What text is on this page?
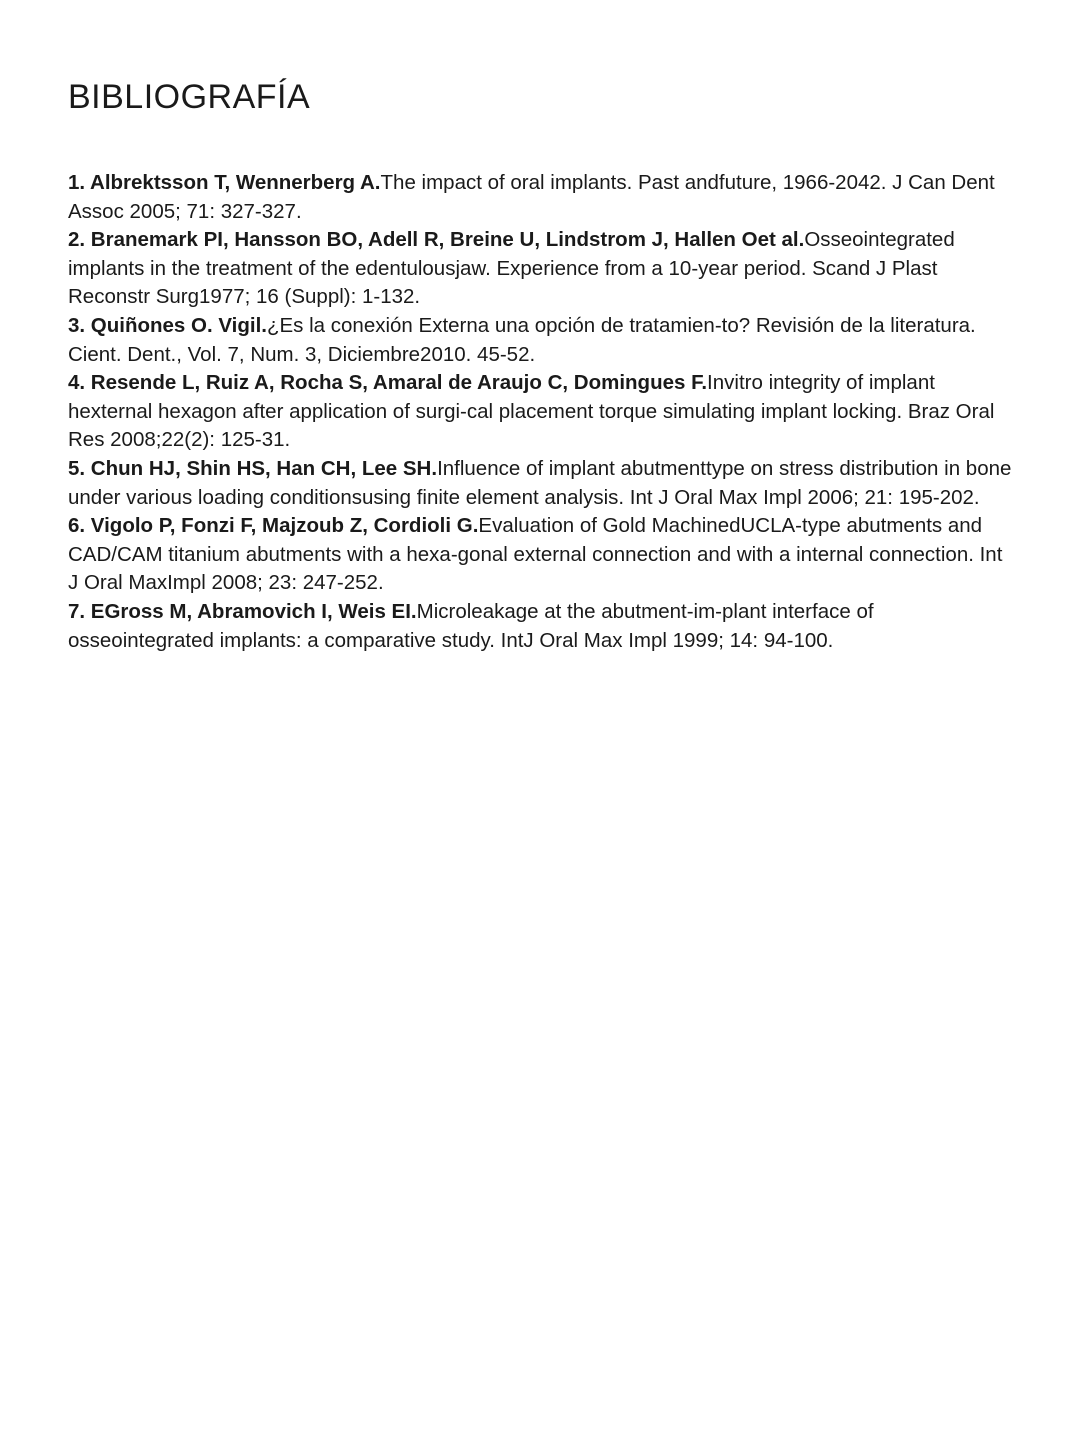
BIBLIOGRAFÍA

1. Albrektsson T, Wennerberg A.The impact of oral implants. Past andfuture, 1966-2042. J Can Dent Assoc 2005; 71: 327-327.

2. Branemark PI, Hansson BO, Adell R, Breine U, Lindstrom J, Hallen Oet al.Osseointegrated implants in the treatment of the edentulousjaw. Experience from a 10-year period. Scand J Plast Reconstr Surg1977; 16 (Suppl): 1-132.

3. Quiñones O. Vigil.¿Es la conexión Externa una opción de tratamien-to? Revisión de la literatura. Cient. Dent., Vol. 7, Num. 3, Diciembre2010. 45-52.

4. Resende L, Ruiz A, Rocha S, Amaral de Araujo C, Domingues F.Invitro integrity of implant hexternal hexagon after application of surgi-cal placement torque simulating implant locking. Braz Oral Res 2008;22(2): 125-31.

5. Chun HJ, Shin HS, Han CH, Lee SH.Influence of implant abutmenttype on stress distribution in bone under various loading conditionsusing finite element analysis. Int J Oral Max Impl 2006; 21: 195-202.

6. Vigolo P, Fonzi F, Majzoub Z, Cordioli G.Evaluation of Gold MachinedUCLA-type abutments and CAD/CAM titanium abutments with a hexa-gonal external connection and with a internal connection. Int J Oral MaxImpl 2008; 23: 247-252.

7. EGross M, Abramovich I, Weis EI.Microleakage at the abutment-im-plant interface of osseointegrated implants: a comparative study. IntJ Oral Max Impl 1999; 14: 94-100.
